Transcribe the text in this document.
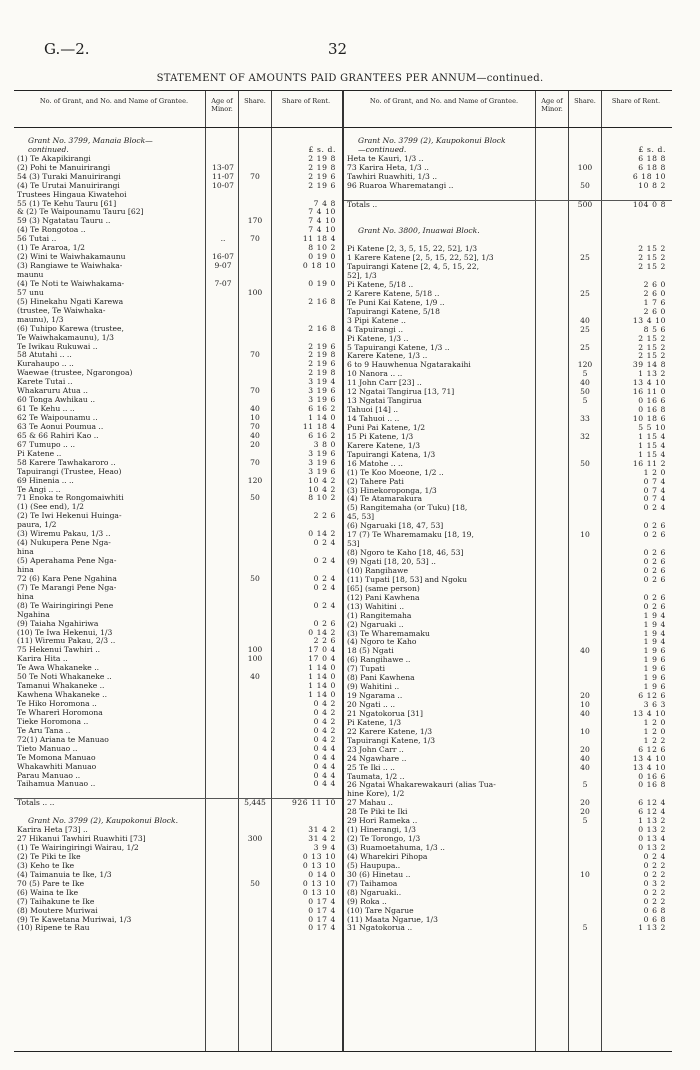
G.—2.	32
STATEMENT OF AMOUNTS PAID GRANTEES PER ANNUM—continued.
No. of Grant, and No. and Name of Grantee.	Age of Minor.
Share.	Share of Rent.
Grant No. 3799, Manaia Block—
continued.	£ s. d.
(1) Te Akapikirangi	2 19 8
(2) Pohi te Manuirirangi	13-07	2 19 8
54 (3) Turaki Manuirirangi	11-07	70	2 19 6
(4) Te Urutai Manuirirangi	10-07	2 19 6
Trustees Hingaua Kiwatehoi
55 (1) Te Kehu Tauru [61]	7 4 8
& (2) Te Waipounamu Tauru [62]	7 4 10
59 (3) Ngatatau Tauru ..	170	7 4 10
(4) Te Rongotoa ..	7 4 10
56 Tutai ..	..	70	11 18 4
(1) Te Araroa, 1/2	8 10 2
(2) Wini te Waiwhakamaunu	16-07	0 19 0
(3) Rangiawe te Waiwhaka-	9-07	0 18 10
maunu
(4) Te Noti te Waiwhakama-	7-07	0 19 0
57 unu	100
(5) Hinekahu Ngati Karewa	2 16 8
(trustee, Te Waiwhaka-
maunu), 1/3
(6) Tuhipo Karewa (trustee,	2 16 8
Te Waiwhakamaunu), 1/3
Te Iwikau Rukuwai ..	2 19 6
58 Atutahi .. ..	70	2 19 8
Kurahaupo .. ..	2 19 6
Waewae (trustee, Ngarongoa)	2 19 8
Karete Tutai ..	3 19 4
Whakaruru Atua ..	70	3 19 6
60 Tonga Awhikau ..	3 19 6
61 Te Kehu .. ..	40	6 16 2
62 Te Waipounamu ..	10	1 14 0
63 Te Aonui Poumua ..	70	11 18 4
65 & 66 Rahiri Kao ..	40	6 16 2
67 Tumupo .. ..	20	3 8 0
Pi Katene ..	3 19 6
58 Karere Tawhakaroro ..	70	3 19 6
Tapuirangi (Trustee, Heao)	3 19 6
69 Hinenia .. ..	120	10 4 2
Te Angi .. ..	10 4 2
71 Enoka te Rongomaiwhiti	50	8 10 2
(1) (See end), 1/2
(2) Te Iwi Hekenui Huinga-	2 2 6
paura, 1/2
(3) Wiremu Pakau, 1/3 ..	0 14 2
(4) Nukupera Pene Nga-	0 2 4
hina
(5) Aperahama Pene Nga-	0 2 4
hina
72 (6) Kara Pene Ngahina	50	0 2 4
(7) Te Marangi Pene Nga-	0 2 4
hina
(8) Te Wairingiringi Pene	0 2 4
Ngahina
(9) Taiaha Ngahiriwa	0 2 6
(10) Te Iwa Hekenui, 1/3	0 14 2
(11) Wiremu Pakau, 2/3 ..	2 2 6
75 Hekenui Tawhiri ..	100	17 0 4
Karira Hita ..	100	17 0 4
Te Awa Whakaneke ..	1 14 0
50 Te Noti Whakaneke ..	40	1 14 0
Tamanui Whakaneke ..	1 14 0
Kawhena Whakaneke ..	1 14 0
Te Hiko Horomona ..	0 4 2
Te Wharerì Horomona	0 4 2
Tieke Horomona ..	0 4 2
Te Aru Tana ..	0 4 2
72(1) Ariana te Manuao	0 4 2
Tieto Manuao ..	0 4 4
Te Momona Manuao	0 4 4
Whakawhiti Manuao	0 4 4
Parau Manuao ..	0 4 4
Taihamua Manuao ..	0 4 4
Totals .. ..	5,445	926 11 10
Grant No. 3799 (2), Kaupokonui Block.
Karira Heta [73] ..	31 4 2
27 Hikanui Tawhiri Ruawhiti [73]	300	31 4 2
(1) Te Wairingiringi Wairau, 1/2	3 9 4
(2) Te Piki te Ike	0 13 10
(3) Keho te Ike	0 13 10
(4) Taimanuia te Ike, 1/3	0 14 0
70 (5) Pare te Ike	50	0 13 10
(6) Waina te Ike	0 13 10
(7) Taihakune te Ike	0 17 4
(8) Moutere Muriwai	0 17 4
(9) Te Kawetana Muriwai, 1/3	0 17 4
(10) Ripene te Rau	0 17 4
No. of Grant, and No. and Name of Grantee.	Age of Minor.
Share.	Share of Rent.
Grant No. 3799 (2), Kaupokonui Block
—continued.	£ s. d.
Heta te Kauri, 1/3 ..	6 18 8
73 Karira Heta, 1/3 ..	100	6 18 8
Tawhiri Ruawhiti, 1/3 ..	6 18 10
96 Ruaroa Wharematangi ..	50	10 8 2
Totals ..	500	104 0 8
Grant No. 3800, Inuawai Block.
Pi Katene [2, 3, 5, 15, 22, 52], 1/3	2 15 2
1 Karere Katene [2, 5, 15, 22, 52], 1/3	25	2 15 2
Tapuirangi Katene [2, 4, 5, 15, 22,	2 15 2
52], 1/3
Pi Katene, 5/18 ..	2 6 0
2 Karere Katene, 5/18 ..	25	2 6 0
Te Puni Kai Katene, 1/9 ..	1 7 6
Tapuirangi Katene, 5/18	2 6 0
3 Pipi Katene ..	40	13 4 10
4 Tapuirangi ..	25	8 5 6
Pi Katene, 1/3 ..	2 15 2
5 Tapuirangi Katene, 1/3 ..	25	2 15 2
Karere Katene, 1/3 ..	2 15 2
6 to 9 Hauwhenua Ngatarakaihi	120	39 14 8
10 Nanora .. ..	5	1 13 2
11 John Carr [23] ..	40	13 4 10
12 Ngatai Tangirua [13, 71]	50	16 11 0
13 Ngatai Tangirua	5	0 16 6
Tahuoi [14] ..	0 16 8
14 Tahuoi .. ..	33	10 18 6
Puni Pai Katene, 1/2	5 5 10
15 Pi Katene, 1/3	32	1 15 4
Karere Katene, 1/3	1 15 4
Tapuirangi Katena, 1/3	1 15 4
16 Matohe .. ..	50	16 11 2
(1) Te Koo Moeone, 1/2 ..	1 2 0
(2) Tahere Pati	0 7 4
(3) Hinekoroponga, 1/3	0 7 4
(4) Te Atamarakura	0 7 4
(5) Rangitemaha (or Tuku) [18,	0 2 4
45, 53]
(6) Ngaruaki [18, 47, 53]	0 2 6
17 (7) Te Wharemamaku [18, 19,	10	0 2 6
53]
(8) Ngoro te Kaho [18, 46, 53]	0 2 6
(9) Ngati [18, 20, 53] ..	0 2 6
(10) Rangihawe	0 2 6
(11) Tupati [18, 53] and Ngoku	0 2 6
[65] (same person)
(12) Pani Kawhena	0 2 6
(13) Wahitini ..	0 2 6
(1) Rangitemaha	1 9 4
(2) Ngaruaki ..	1 9 4
(3) Te Wharemamaku	1 9 4
(4) Ngoro te Kaho	1 9 4
18 (5) Ngati	40	1 9 6
(6) Rangihawe ..	1 9 6
(7) Tupati	1 9 6
(8) Pani Kawhena	1 9 6
(9) Wahitini ..	1 9 6
19 Ngarama ..	20	6 12 6
20 Ngati .. ..	10	3 6 3
21 Ngatokorua [31]	40	13 4 10
Pi Katene, 1/3	1 2 0
22 Karere Katene, 1/3	10	1 2 0
Tapuirangi Katene, 1/3	1 2 2
23 John Carr ..	20	6 12 6
24 Ngawhare ..	40	13 4 10
25 Te Iki .. ..	40	13 4 10
Taumata, 1/2 ..	0 16 6
26 Ngatai Whakarewakauri (alias Tua-	5	0 16 8
hine Kore), 1/2
27 Mahau ..	20	6 12 4
28 Te Piki te Iki	20	6 12 4
29 Hori Rameka ..	5	1 13 2
(1) Hinerangi, 1/3	0 13 2
(2) Te Torongo, 1/3	0 13 4
(3) Ruamoetahuma, 1/3 ..	0 13 2
(4) Wharekiri Pihopa	0 2 4
(5) Haupupa..	0 2 2
30 (6) Hinetau ..	10	0 2 2
(7) Taihamoa	0 3 2
(8) Ngaruaki..	0 2 2
(9) Roka ..	0 2 2
(10) Tare Ngarue	0 6 8
(11) Maata Ngarue, 1/3	0 6 8
31 Ngatokorua ..	5	1 13 2
